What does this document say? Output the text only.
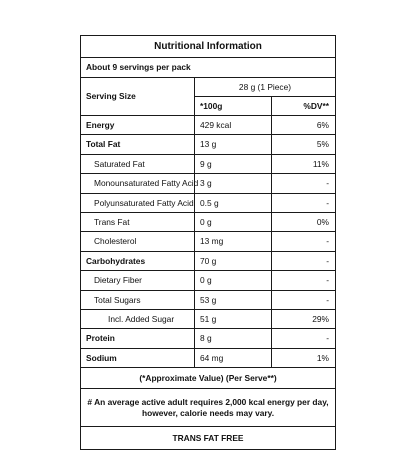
Nutritional Information
About 9 servings per pack
Serving Size
28 g (1 Piece)
*100g	%DV**
Energy	429 kcal	6%
Total Fat	13 g	5%
Saturated Fat	9 g	11%
Monounsaturated Fatty Acid 3 g	-
Polyunsaturated Fatty Acid 0.5 g	-
Trans Fat	0 g	0%
Cholesterol	13 mg	-
Carbohydrates	70 g	-
Dietary Fiber	0 g	-
Total Sugars	53 g	-
Incl. Added Sugar	51 g	29%
Protein	8 g	-
Sodium	64 mg	1%
(*Approximate Value) (Per Serve**)
# An average active adult requires 2,000 kcal energy per day,
however, calorie needs may vary.
TRANS FAT FREE
